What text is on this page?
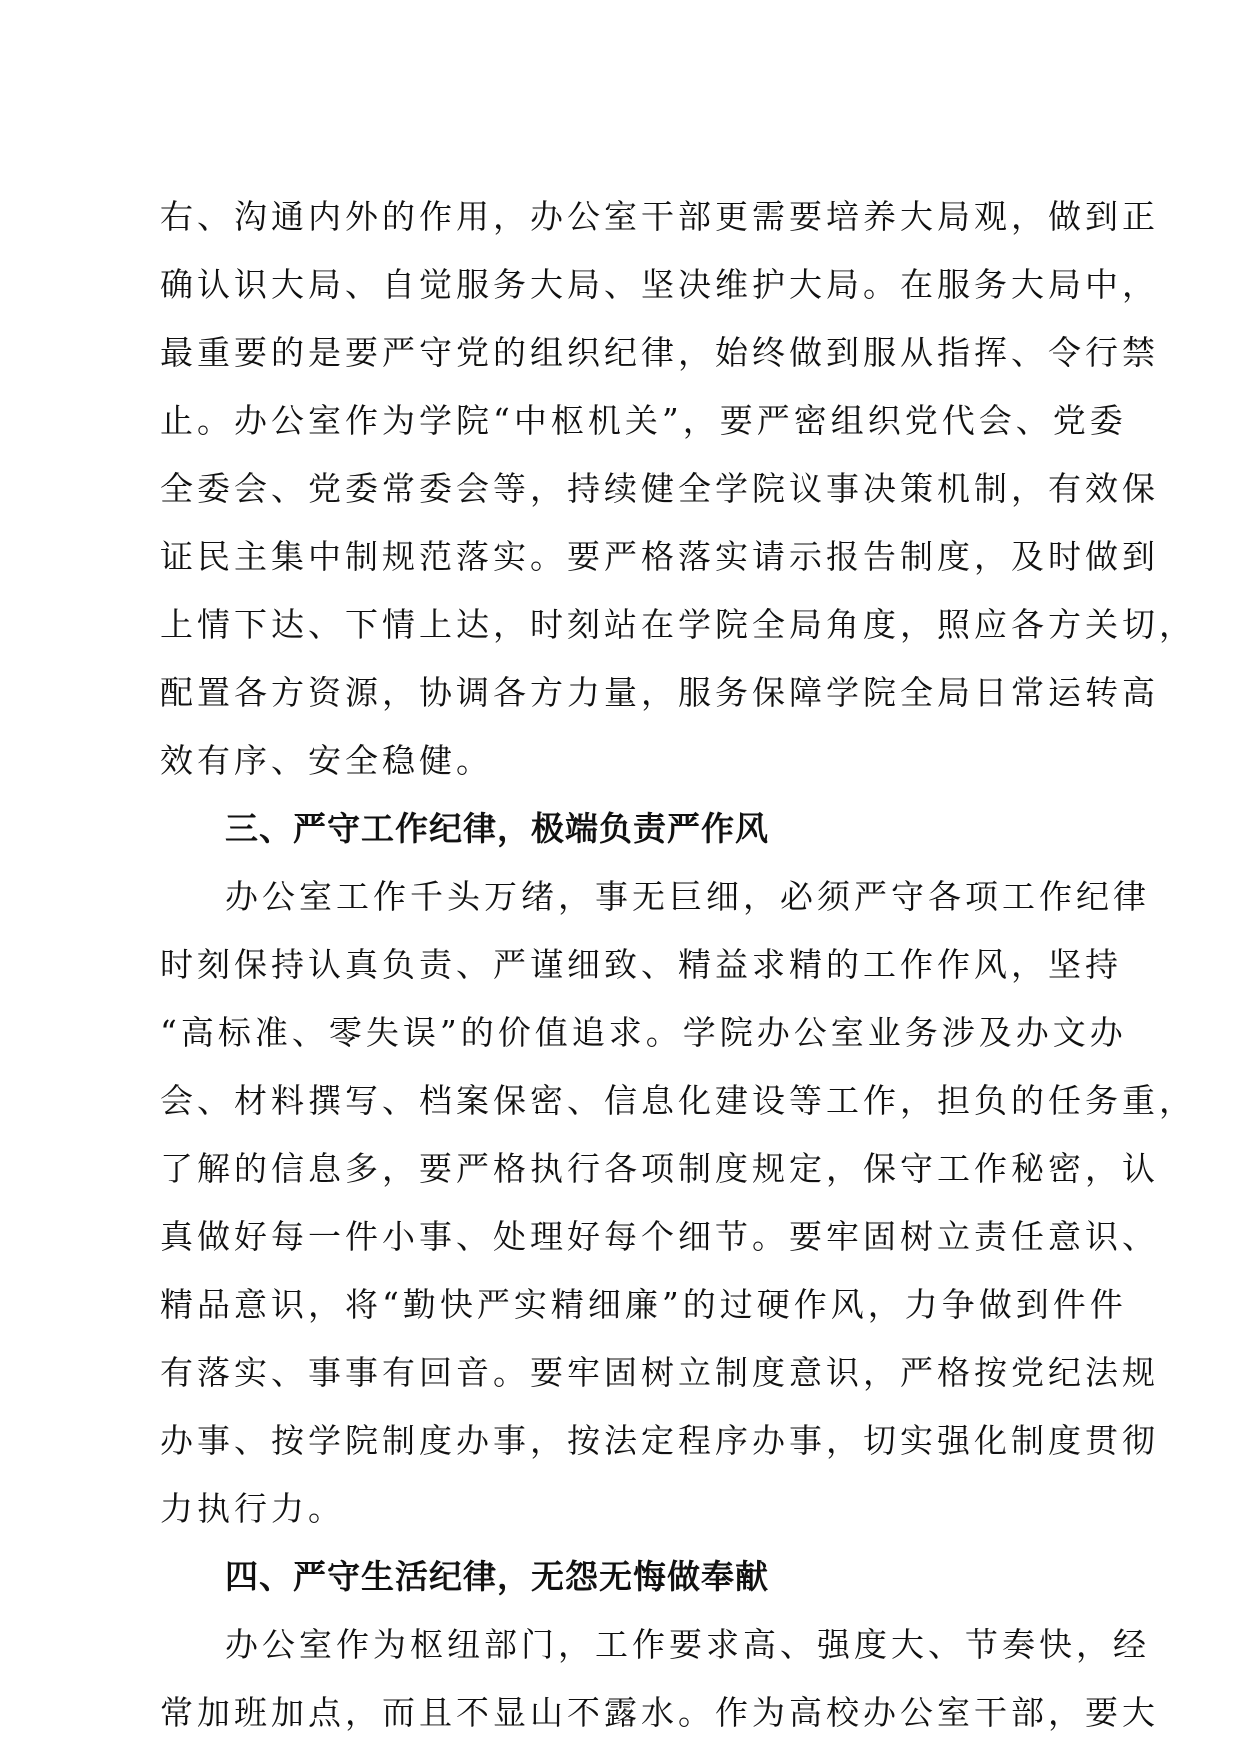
右、沟通内外的作用，办公室干部更需要培养大局观，做到正
确认识大局、自觉服务大局、坚决维护大局。在服务大局中，
最重要的是要严守党的组织纪律，始终做到服从指挥、令行禁
止。办公室作为学院“中枢机关”，要严密组织党代会、党委
全委会、党委常委会等，持续健全学院议事决策机制，有效保
证民主集中制规范落实。要严格落实请示报告制度，及时做到
上情下达、下情上达，时刻站在学院全局角度，照应各方关切，
配置各方资源，协调各方力量，服务保障学院全局日常运转高
效有序、安全稳健。
三、严守工作纪律，极端负责严作风
办公室工作千头万绪，事无巨细，必须严守各项工作纪律
时刻保持认真负责、严谨细致、精益求精的工作作风，坚持
“高标准、零失误”的价值追求。学院办公室业务涉及办文办
会、材料撰写、档案保密、信息化建设等工作，担负的任务重，
了解的信息多，要严格执行各项制度规定，保守工作秘密，认
真做好每一件小事、处理好每个细节。要牢固树立责任意识、
精品意识，将“勤快严实精细廉”的过硬作风，力争做到件件
有落实、事事有回音。要牢固树立制度意识，严格按党纪法规
办事、按学院制度办事，按法定程序办事，切实强化制度贯彻
力执行力。
四、严守生活纪律，无怨无悔做奉献
办公室作为枢纽部门，工作要求高、强度大、节奏快，经
常加班加点，而且不显山不露水。作为高校办公室干部，要大
